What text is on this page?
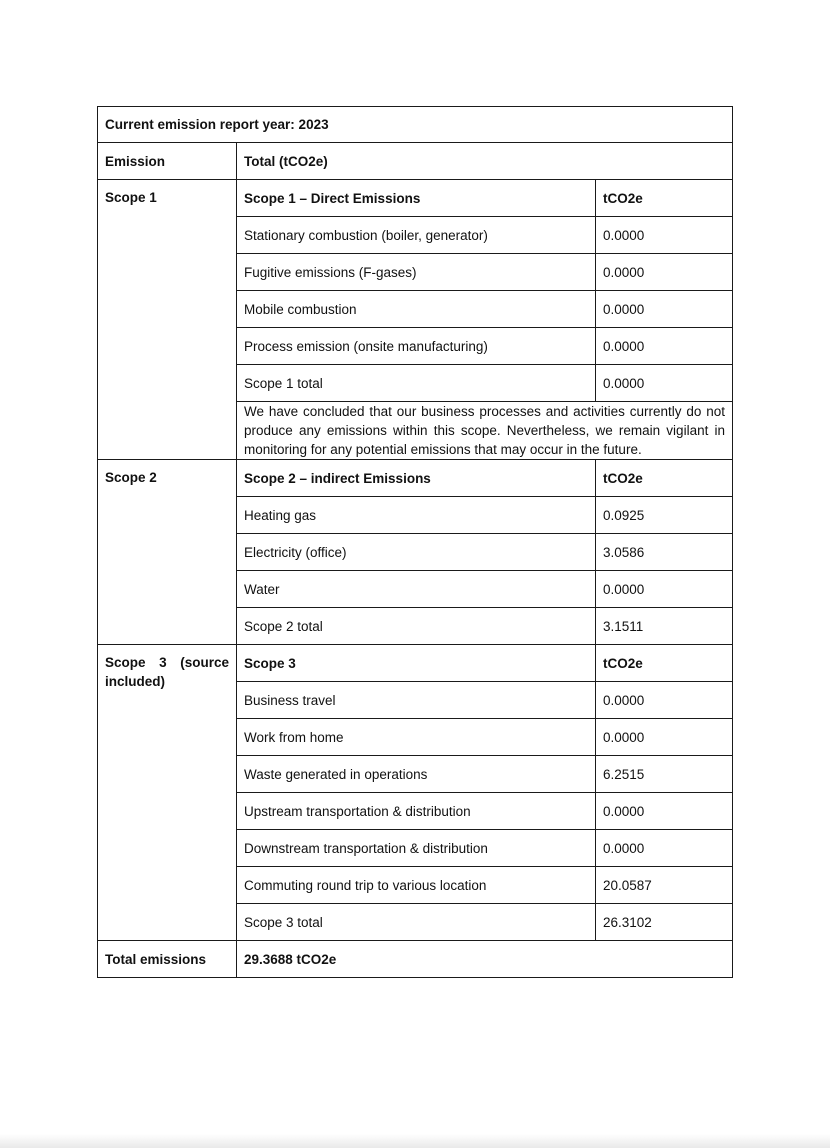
Current emission report year: 2023		
Emission	Total (tCO2e)	
Scope 1	Scope 1 – Direct Emissions	tCO2e
	Stationary combustion (boiler, generator)	0.0000
	Fugitive emissions (F-gases)	0.0000
	Mobile combustion	0.0000
	Process emission (onsite manufacturing)	0.0000
	Scope 1 total	0.0000
	We have concluded that our business processes and activities currently do not produce any emissions within this scope. Nevertheless, we remain vigilant in monitoring for any potential emissions that may occur in the future.	
Scope 2	Scope 2 – indirect Emissions	tCO2e
	Heating gas	0.0925
	Electricity (office)	3.0586
	Water	0.0000
	Scope 2 total	3.1511
Scope 3 (source included)	Scope 3	tCO2e
	Business travel	0.0000
	Work from home	0.0000
	Waste generated in operations	6.2515
	Upstream transportation & distribution	0.0000
	Downstream transportation & distribution	0.0000
	Commuting round trip to various location	20.0587
	Scope 3 total	26.3102
Total emissions	29.3688 tCO2e	
